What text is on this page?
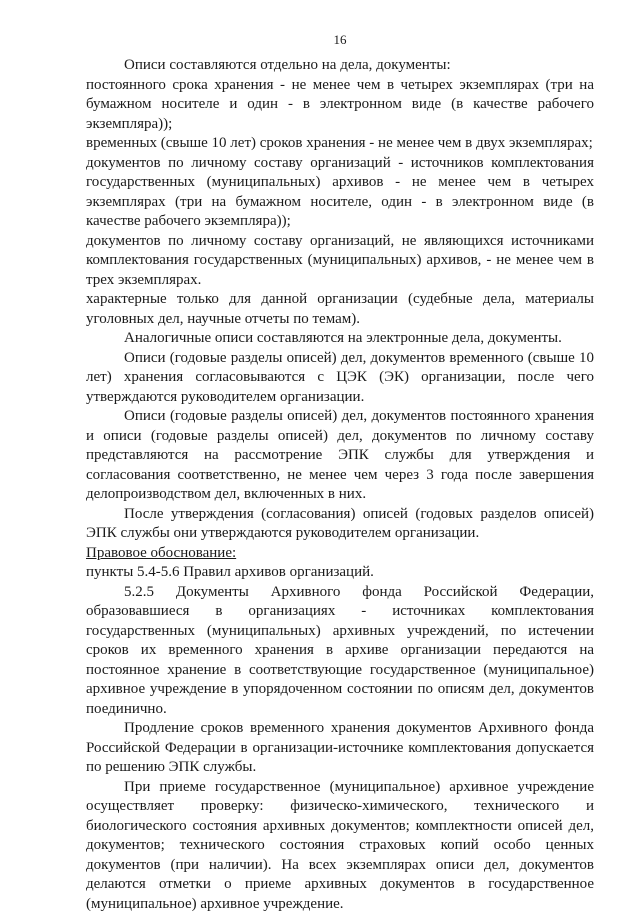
16

Описи составляются отдельно на дела, документы:

постоянного срока хранения - не менее чем в четырех экземплярах (три на бумажном носителе и один - в электронном виде (в качестве рабочего экземпляра));

временных (свыше 10 лет) сроков хранения - не менее чем в двух экземплярах;

документов по личному составу организаций - источников комплектования государственных (муниципальных) архивов - не менее чем в четырех экземплярах (три на бумажном носителе, один - в электронном виде (в качестве рабочего экземпляра));

документов по личному составу организаций, не являющихся источниками комплектования государственных (муниципальных) архивов, - не менее чем в трех экземплярах.

характерные только для данной организации (судебные дела, материалы уголовных дел, научные отчеты по темам).

Аналогичные описи составляются на электронные дела, документы.

Описи (годовые разделы описей) дел, документов временного (свыше 10 лет) хранения согласовываются с ЦЭК (ЭК) организации, после чего утверждаются руководителем организации.

Описи (годовые разделы описей) дел, документов постоянного хранения и описи (годовые разделы описей) дел, документов по личному составу представляются на рассмотрение ЭПК службы для утверждения и согласования соответственно, не менее чем через 3 года после завершения делопроизводством дел, включенных в них.

После утверждения (согласования) описей (годовых разделов описей) ЭПК службы они утверждаются руководителем организации.

Правовое обоснование:

пункты 5.4-5.6 Правил архивов организаций.

5.2.5 Документы Архивного фонда Российской Федерации, образовавшиеся в организациях - источниках комплектования государственных (муниципальных) архивных учреждений, по истечении сроков их временного хранения в архиве организации передаются на постоянное хранение в соответствующие государственное (муниципальное) архивное учреждение в упорядоченном состоянии по описям дел, документов поединично.

Продление сроков временного хранения документов Архивного фонда Российской Федерации в организации-источнике комплектования допускается по решению ЭПК службы.

При приеме государственное (муниципальное) архивное учреждение осуществляет проверку: физическо-химического, технического и биологического состояния архивных документов; комплектности описей дел, документов; технического состояния страховых копий особо ценных документов (при наличии). На всех экземплярах описи дел, документов делаются отметки о приеме архивных документов в государственное (муниципальное) архивное учреждение.
